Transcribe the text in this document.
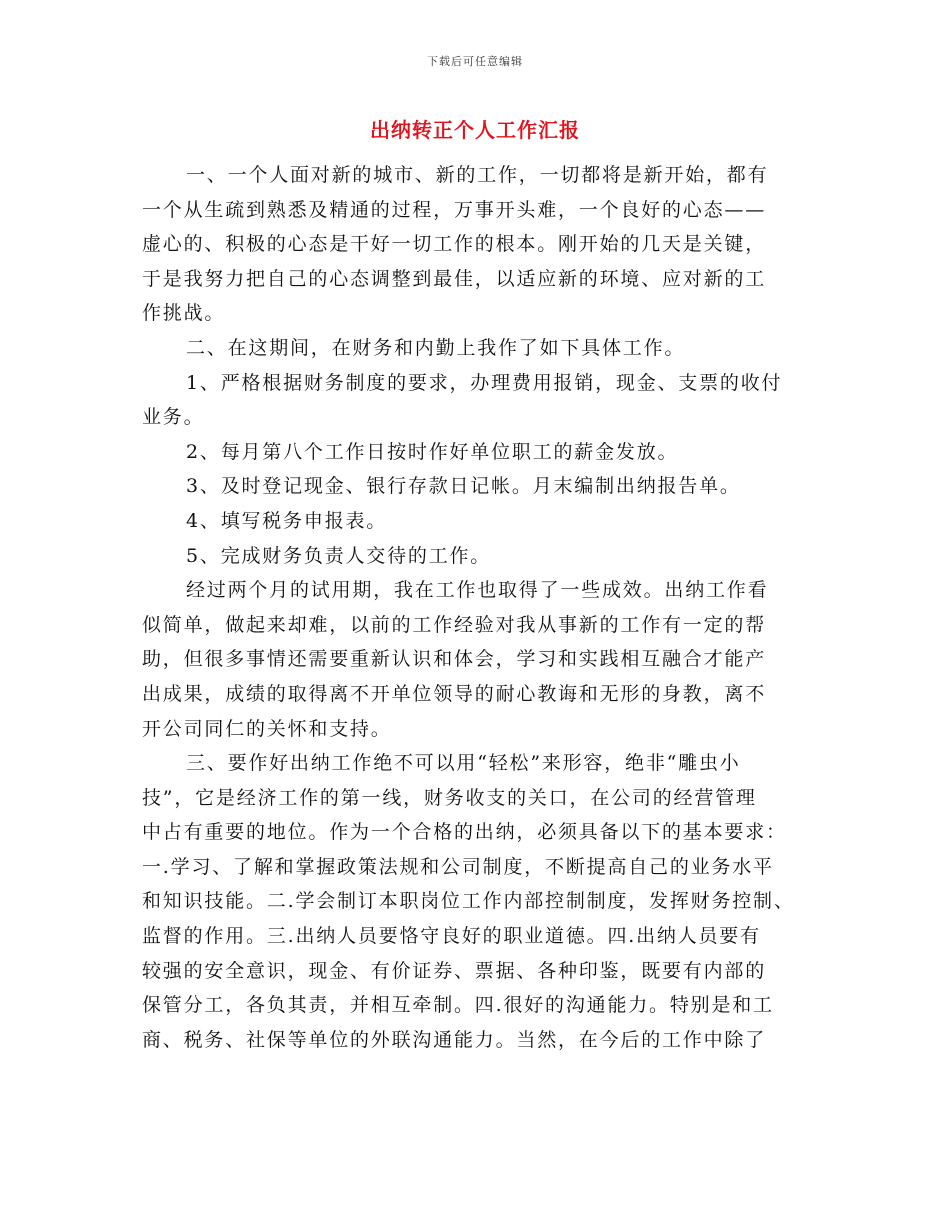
下载后可任意编辑
出纳转正个人工作汇报
一、一个人面对新的城市、新的工作，一切都将是新开始，都有
一个从生疏到熟悉及精通的过程，万事开头难，一个良好的心态——
虚心的、积极的心态是干好一切工作的根本。刚开始的几天是关键，
于是我努力把自己的心态调整到最佳，以适应新的环境、应对新的工
作挑战。
二、在这期间，在财务和内勤上我作了如下具体工作。
1、严格根据财务制度的要求，办理费用报销，现金、支票的收付
业务。
2、每月第八个工作日按时作好单位职工的薪金发放。
3、及时登记现金、银行存款日记帐。月末编制出纳报告单。
4、填写税务申报表。
5、完成财务负责人交待的工作。
经过两个月的试用期，我在工作也取得了一些成效。出纳工作看
似简单，做起来却难，以前的工作经验对我从事新的工作有一定的帮
助，但很多事情还需要重新认识和体会，学习和实践相互融合才能产
出成果，成绩的取得离不开单位领导的耐心教诲和无形的身教，离不
开公司同仁的关怀和支持。
三、要作好出纳工作绝不可以用“轻松”来形容，绝非“雕虫小
技”，它是经济工作的第一线，财务收支的关口，在公司的经营管理
中占有重要的地位。作为一个合格的出纳，必须具备以下的基本要求：
一.学习、了解和掌握政策法规和公司制度，不断提高自己的业务水平
和知识技能。二.学会制订本职岗位工作内部控制制度，发挥财务控制、
监督的作用。三.出纳人员要恪守良好的职业道德。四.出纳人员要有
较强的安全意识，现金、有价证券、票据、各种印鉴，既要有内部的
保管分工，各负其责，并相互牵制。四.很好的沟通能力。特别是和工
商、税务、社保等单位的外联沟通能力。当然，在今后的工作中除了
